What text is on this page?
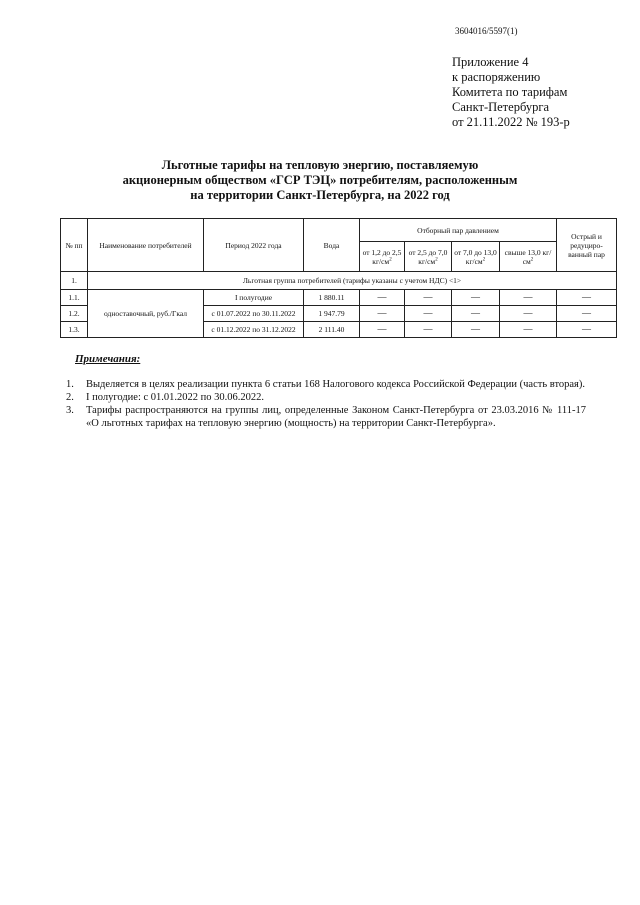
3604016/5597(1)
Приложение 4
к распоряжению
Комитета по тарифам
Санкт-Петербурга
от 21.11.2022 № 193-р
Льготные тарифы на тепловую энергию, поставляемую
акционерным обществом «ГСР ТЭЦ» потребителям, расположенным
на территории Санкт-Петербурга, на 2022 год
№ пп	Наименование потребителей	Период 2022 года	Вода	Отборный пар давлением				Острый и редуциро-ванный пар
				от 1,2 до 2,5 $кг/см^2$	от 2,5 до 7,0 $кг/см^2$	от 7,0 до 13,0 $кг/см^2$	свыше 13,0 $кг/см^2$
1.	Льготная группа потребителей (тарифы указаны с учетом НДС) <1>							
1.1.	одноставочный, руб./Гкал	I полугодие	1 880.11	—	—	—	—	—
1.2.		с 01.07.2022 по 30.11.2022	1 947.79	—	—	—	—	—
1.3.		с 01.12.2022 по 31.12.2022	2 111.40	—	—	—	—	—
Примечания:
1.	Выделяется в целях реализации пункта 6 статьи 168 Налогового кодекса Российской Федерации (часть вторая).
2.	I полугодие: с 01.01.2022 по 30.06.2022.
3.	Тарифы распространяются на группы лиц, определенные Законом Санкт-Петербурга от 23.03.2016 № 111-17 «О льготных тарифах на тепловую энергию (мощность) на территории Санкт-Петербурга».
